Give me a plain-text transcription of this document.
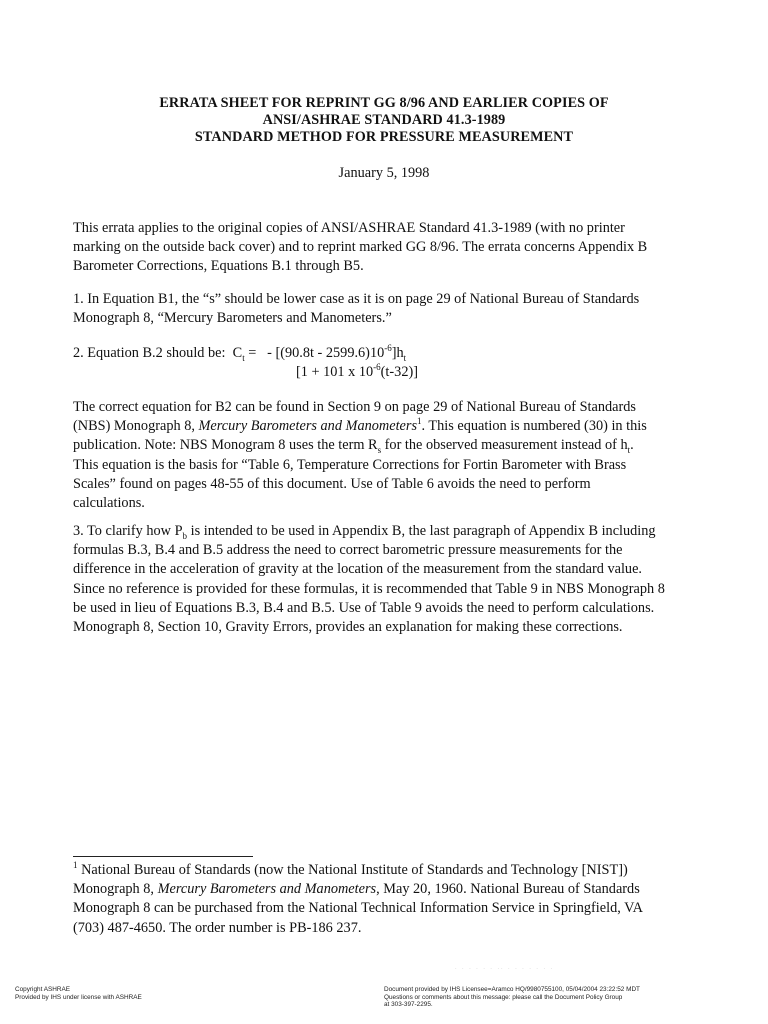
ERRATA SHEET FOR REPRINT GG 8/96 AND EARLIER COPIES OF
ANSI/ASHRAE STANDARD 41.3-1989
STANDARD METHOD FOR PRESSURE MEASUREMENT
January 5, 1998
This errata applies to the original copies of ANSI/ASHRAE Standard 41.3-1989 (with no printer
marking on the outside back cover) and to reprint marked GG 8/96. The errata concerns Appendix B
Barometer Corrections, Equations B.1 through B5.
1. In Equation B1, the “s” should be lower case as it is on page 29 of National Bureau of Standards
Monograph 8, “Mercury Barometers and Manometers.”
2. Equation B.2 should be: $C_t$ = - $[(90.8t - 2599.6)10^{-6}]h_t$
[1 + 101 x $10^{-6}(t-32)$]
The correct equation for B2 can be found in Section 9 on page 29 of National Bureau of Standards
(NBS) Monograph 8, Mercury Barometers and Manometers$^1$. This equation is numbered (30) in this
publication. Note: NBS Monogram 8 uses the term $R_s$ for the observed measurement instead of $h_t$.
This equation is the basis for “Table 6, Temperature Corrections for Fortin Barometer with Brass
Scales” found on pages 48-55 of this document. Use of Table 6 avoids the need to perform
calculations.
3. To clarify how $P_b$ is intended to be used in Appendix B, the last paragraph of Appendix B including
formulas B.3, B.4 and B.5 address the need to correct barometric pressure measurements for the
difference in the acceleration of gravity at the location of the measurement from the standard value.
Since no reference is provided for these formulas, it is recommended that Table 9 in NBS Monograph 8
be used in lieu of Equations B.3, B.4 and B.5. Use of Table 9 avoids the need to perform calculations.
Monograph 8, Section 10, Gravity Errors, provides an explanation for making these corrections.
$^1$ National Bureau of Standards (now the National Institute of Standards and Technology [NIST])
Monograph 8, Mercury Barometers and Manometers, May 20, 1960. National Bureau of Standards
Monograph 8 can be purchased from the National Technical Information Service in Springfield, VA
(703) 487-4650. The order number is PB-186 237.
· · · · · · ·· · · · · · · ·
Copyright ASHRAE
Provided by IHS under license with ASHRAE
Document provided by IHS Licensee=Aramco HQ/9980755100, 05/04/2004 23:22:52 MDT
Questions or comments about this message: please call the Document Policy Group
at 303-397-2295.
